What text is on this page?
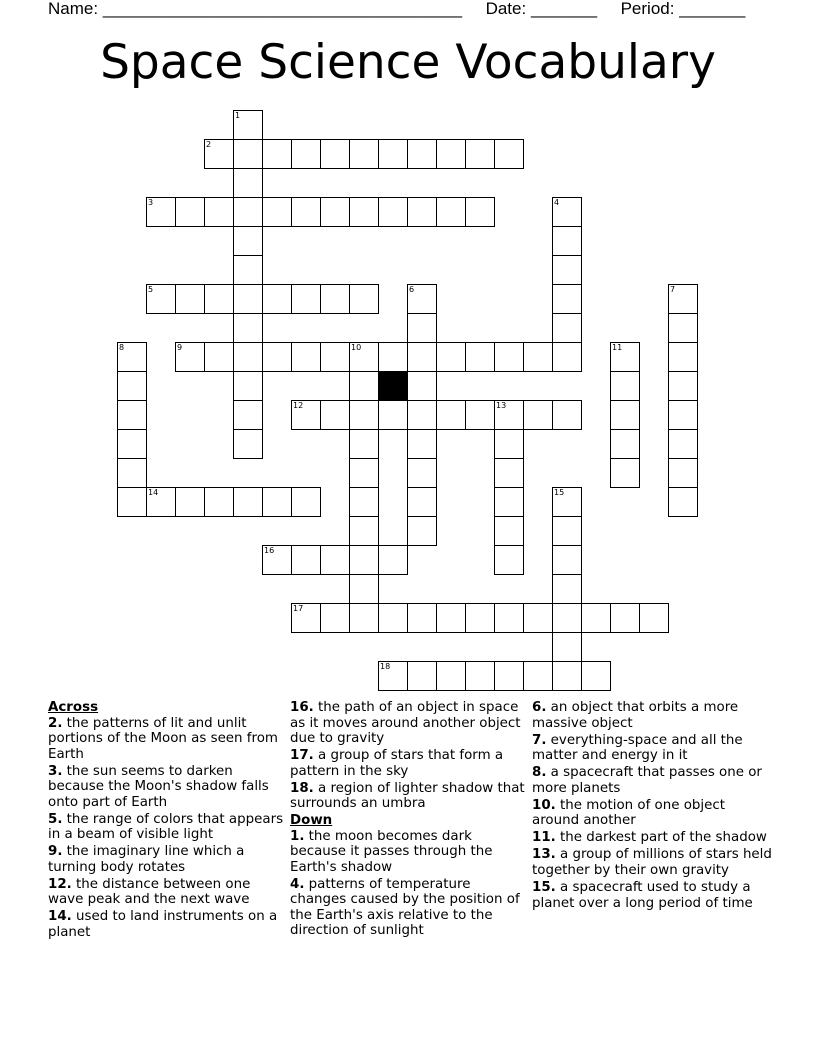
Name: ______________________________________ Date: _______ Period: _______
Space Science Vocabulary
1
2
3	4
5	6	7
8	9	10	11
12	13
14	15
16
17
18
Across
2. the patterns of lit and unlit portions of the Moon as seen from Earth
3. the sun seems to darken because the Moon's shadow falls onto part of Earth
5. the range of colors that appears in a beam of visible light
9. the imaginary line which a turning body rotates
12. the distance between one wave peak and the next wave
14. used to land instruments on a planet
16. the path of an object in space as it moves around another object due to gravity
17. a group of stars that form a pattern in the sky
18. a region of lighter shadow that surrounds an umbra
Down
1. the moon becomes dark because it passes through the Earth's shadow
4. patterns of temperature changes caused by the position of the Earth's axis relative to the direction of sunlight
6. an object that orbits a more massive object
7. everything-space and all the matter and energy in it
8. a spacecraft that passes one or more planets
10. the motion of one object around another
11. the darkest part of the shadow
13. a group of millions of stars held together by their own gravity
15. a spacecraft used to study a planet over a long period of time
